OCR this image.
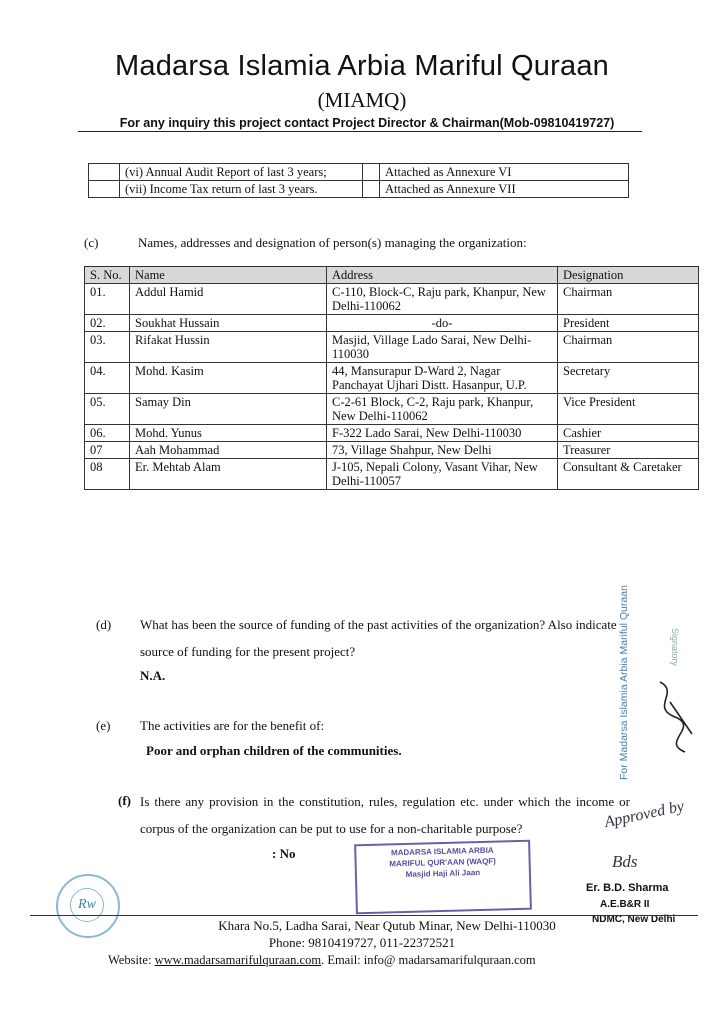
Madarsa Islamia Arbia Mariful Quraan
(MIAMQ)
For any inquiry this project contact Project Director & Chairman(Mob-09810419727)
	(vi) Annual Audit Report of last 3 years;		Attached as Annexure VI
	(vii) Income Tax return of last 3 years.		Attached as Annexure VII
(c)	Names, addresses and designation of person(s) managing the organization:
S. No.	Name	Address	Designation
01.	Addul Hamid	C-110, Block-C, Raju park, Khanpur, New Delhi-110062	Chairman
02.	Soukhat Hussain	-do-	President
03.	Rifakat Hussin	Masjid, Village Lado Sarai, New Delhi-110030	Chairman
04.	Mohd. Kasim	44, Mansurapur D-Ward 2, Nagar Panchayat Ujhari Distt. Hasanpur, U.P.	Secretary
05.	Samay Din	C-2-61 Block, C-2, Raju park, Khanpur, New Delhi-110062	Vice President
06.	Mohd. Yunus	F-322 Lado Sarai, New Delhi-110030	Cashier
07	Aah Mohammad	73, Village Shahpur, New Delhi	Treasurer
08	Er. Mehtab Alam	J-105, Nepali Colony, Vasant Vihar, New Delhi-110057	Consultant & Caretaker
(d) What has been the source of funding of the past activities of the organization? Also indicate source of funding for the present project?
N.A.
(e) The activities are for the benefit of:
Poor and orphan children of the communities.
(f) Is there any provision in the constitution, rules, regulation etc. under which the income or corpus of the organization can be put to use for a non-charitable purpose?
: No	MADARSA ISLAMIA ARBIA
MARIFUL QUR'AAN (WAQF)
Masjid Haji Ali Jaan
Rw
For Madarsa Islamia Arbia Mariful Quraan	Signatory
Approved by
Bds
Er. B.D. Sharma
A.E.B&R II
NDMC, New Delhi
Khara No.5, Ladha Sarai, Near Qutub Minar, New Delhi-110030
Phone: 9810419727, 011-22372521
Website: www.madarsamarifulquraan.com. Email: info@ madarsamarifulquraan.com
